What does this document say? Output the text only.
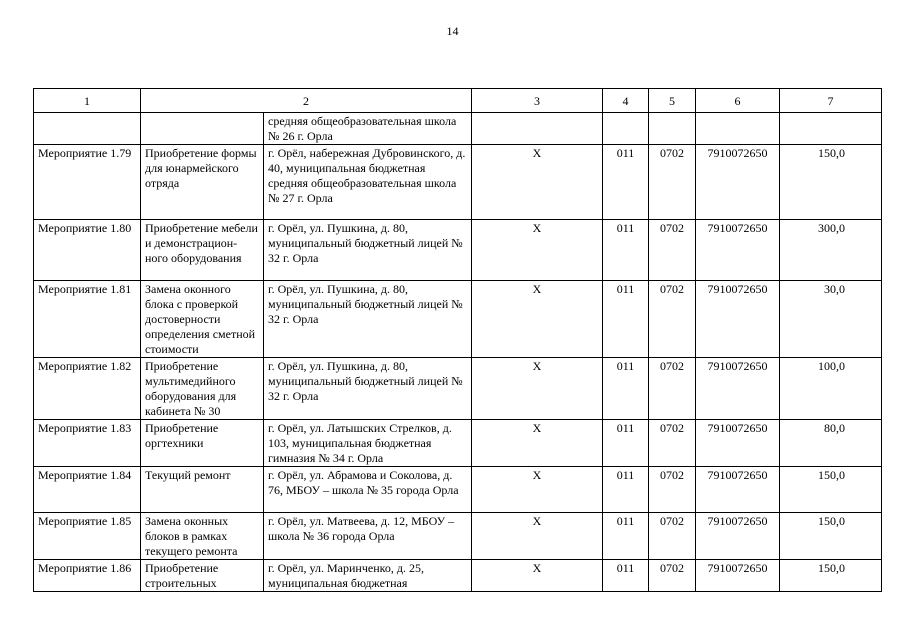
14
1	2		3	4	5	6	7
		средняя общеобразовательная школа № 26 г. Орла					
Мероприятие 1.79	Приобретение формы для юнармейского отряда	г. Орёл, набережная Дубровинского, д. 40, муниципальная бюджетная средняя общеобразовательная школа № 27 г. Орла	Х	011	0702	7910072650	150,0
Мероприятие 1.80	Приобретение мебели и демонстрацион-ного оборудования	г. Орёл, ул. Пушкина, д. 80, муниципальный бюджетный лицей № 32 г. Орла	Х	011	0702	7910072650	300,0
Мероприятие 1.81	Замена оконного блока с проверкой достоверности определения сметной стоимости	г. Орёл, ул. Пушкина, д. 80, муниципальный бюджетный лицей № 32 г. Орла	Х	011	0702	7910072650	30,0
Мероприятие 1.82	Приобретение мультимедийного оборудования для кабинета № 30	г. Орёл, ул. Пушкина, д. 80, муниципальный бюджетный лицей № 32 г. Орла	Х	011	0702	7910072650	100,0
Мероприятие 1.83	Приобретение оргтехники	г. Орёл, ул. Латышских Стрелков, д. 103, муниципальная бюджетная гимназия № 34 г. Орла	Х	011	0702	7910072650	80,0
Мероприятие 1.84	Текущий ремонт	г. Орёл, ул. Абрамова и Соколова, д. 76, МБОУ – школа № 35 города Орла	Х	011	0702	7910072650	150,0
Мероприятие 1.85	Замена оконных блоков в рамках текущего ремонта	г. Орёл, ул. Матвеева, д. 12, МБОУ – школа № 36 города Орла	Х	011	0702	7910072650	150,0
Мероприятие 1.86	Приобретение строительных	г. Орёл, ул. Маринченко, д. 25, муниципальная бюджетная	Х	011	0702	7910072650	150,0
